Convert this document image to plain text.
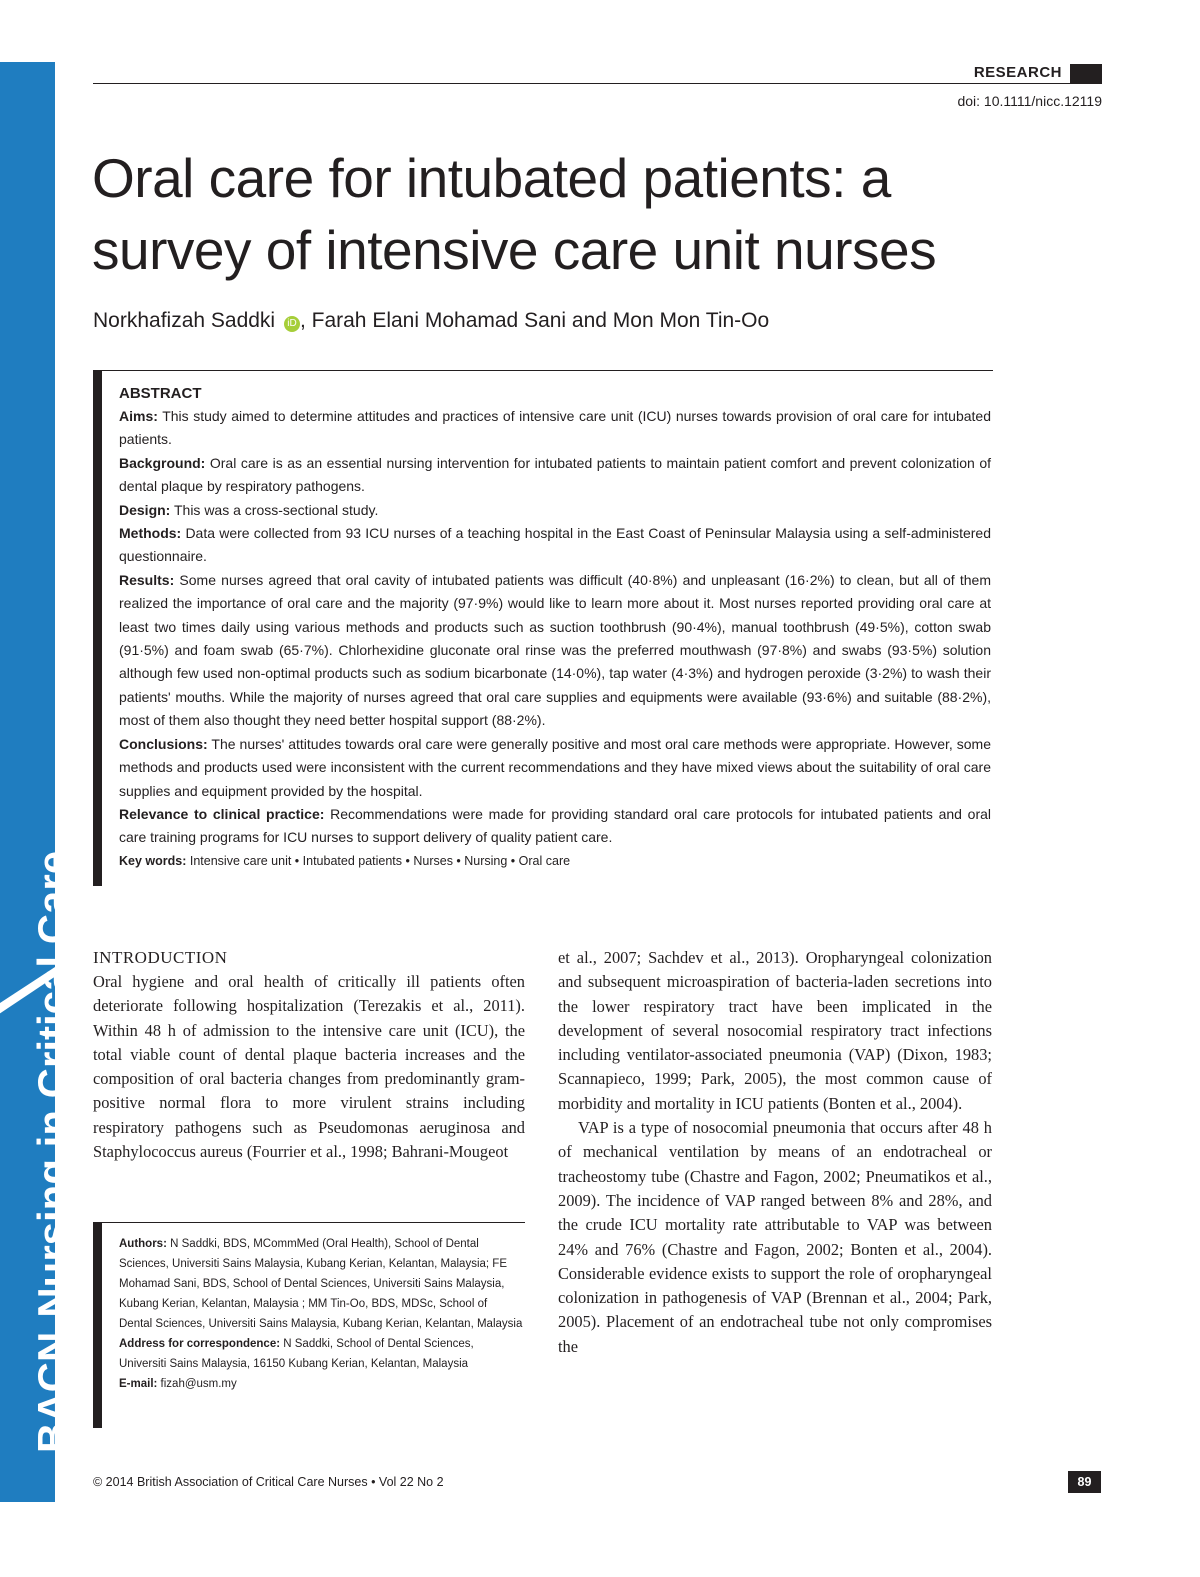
BACNNursing in Critical Care
RESEARCH
doi: 10.1111/nicc.12119
Oral care for intubated patients: a
survey of intensive care unit nurses
Norkhafizah Saddki iD , Farah Elani Mohamad Sani and Mon Mon Tin-Oo
ABSTRACT

Aims: This study aimed to determine attitudes and practices of intensive care unit (ICU) nurses towards provision of oral care for intubated patients.

Background: Oral care is as an essential nursing intervention for intubated patients to maintain patient comfort and prevent colonization of dental plaque by respiratory pathogens.

Design: This was a cross-sectional study.

Methods: Data were collected from 93 ICU nurses of a teaching hospital in the East Coast of Peninsular Malaysia using a self-administered questionnaire.

Results: Some nurses agreed that oral cavity of intubated patients was difficult (40·8%) and unpleasant (16·2%) to clean, but all of them realized the importance of oral care and the majority (97·9%) would like to learn more about it. Most nurses reported providing oral care at least two times daily using various methods and products such as suction toothbrush (90·4%), manual toothbrush (49·5%), cotton swab (91·5%) and foam swab (65·7%). Chlorhexidine gluconate oral rinse was the preferred mouthwash (97·8%) and swabs (93·5%) solution although few used non-optimal products such as sodium bicarbonate (14·0%), tap water (4·3%) and hydrogen peroxide (3·2%) to wash their patients' mouths. While the majority of nurses agreed that oral care supplies and equipments were available (93·6%) and suitable (88·2%), most of them also thought they need better hospital support (88·2%).

Conclusions: The nurses' attitudes towards oral care were generally positive and most oral care methods were appropriate. However, some methods and products used were inconsistent with the current recommendations and they have mixed views about the suitability of oral care supplies and equipment provided by the hospital.

Relevance to clinical practice: Recommendations were made for providing standard oral care protocols for intubated patients and oral care training programs for ICU nurses to support delivery of quality patient care.

Key words: Intensive care unit • Intubated patients • Nurses • Nursing • Oral care

INTRODUCTION

Oral hygiene and oral health of critically ill patients often deteriorate following hospitalization (Terezakis et al., 2011). Within 48 h of admission to the intensive care unit (ICU), the total viable count of dental plaque bacteria increases and the composition of oral bacteria changes from predominantly gram-positive normal flora to more virulent strains including respiratory pathogens such as Pseudomonas aeruginosa and Staphylococcus aureus (Fourrier et al., 1998; Bahrani-Mougeot

Authors: N Saddki, BDS, MCommMed (Oral Health), School of Dental Sciences, Universiti Sains Malaysia, Kubang Kerian, Kelantan, Malaysia; FE Mohamad Sani, BDS, School of Dental Sciences, Universiti Sains Malaysia, Kubang Kerian, Kelantan, Malaysia ; MM Tin-Oo, BDS, MDSc, School of Dental Sciences, Universiti Sains Malaysia, Kubang Kerian, Kelantan, Malaysia

Address for correspondence: N Saddki, School of Dental Sciences, Universiti Sains Malaysia, 16150 Kubang Kerian, Kelantan, Malaysia

E-mail: fizah@usm.my

et al., 2007; Sachdev et al., 2013). Oropharyngeal colonization and subsequent microaspiration of bacteria-laden secretions into the lower respiratory tract have been implicated in the development of several nosocomial respiratory tract infections including ventilator-associated pneumonia (VAP) (Dixon, 1983; Scannapieco, 1999; Park, 2005), the most common cause of morbidity and mortality in ICU patients (Bonten et al., 2004).

VAP is a type of nosocomial pneumonia that occurs after 48 h of mechanical ventilation by means of an endotracheal or tracheostomy tube (Chastre and Fagon, 2002; Pneumatikos et al., 2009). The incidence of VAP ranged between 8% and 28%, and the crude ICU mortality rate attributable to VAP was between 24% and 76% (Chastre and Fagon, 2002; Bonten et al., 2004). Considerable evidence exists to support the role of oropharyngeal colonization in pathogenesis of VAP (Brennan et al., 2004; Park, 2005). Placement of an endotracheal tube not only compromises the

© 2014 British Association of Critical Care Nurses • Vol 22 No 2	89
